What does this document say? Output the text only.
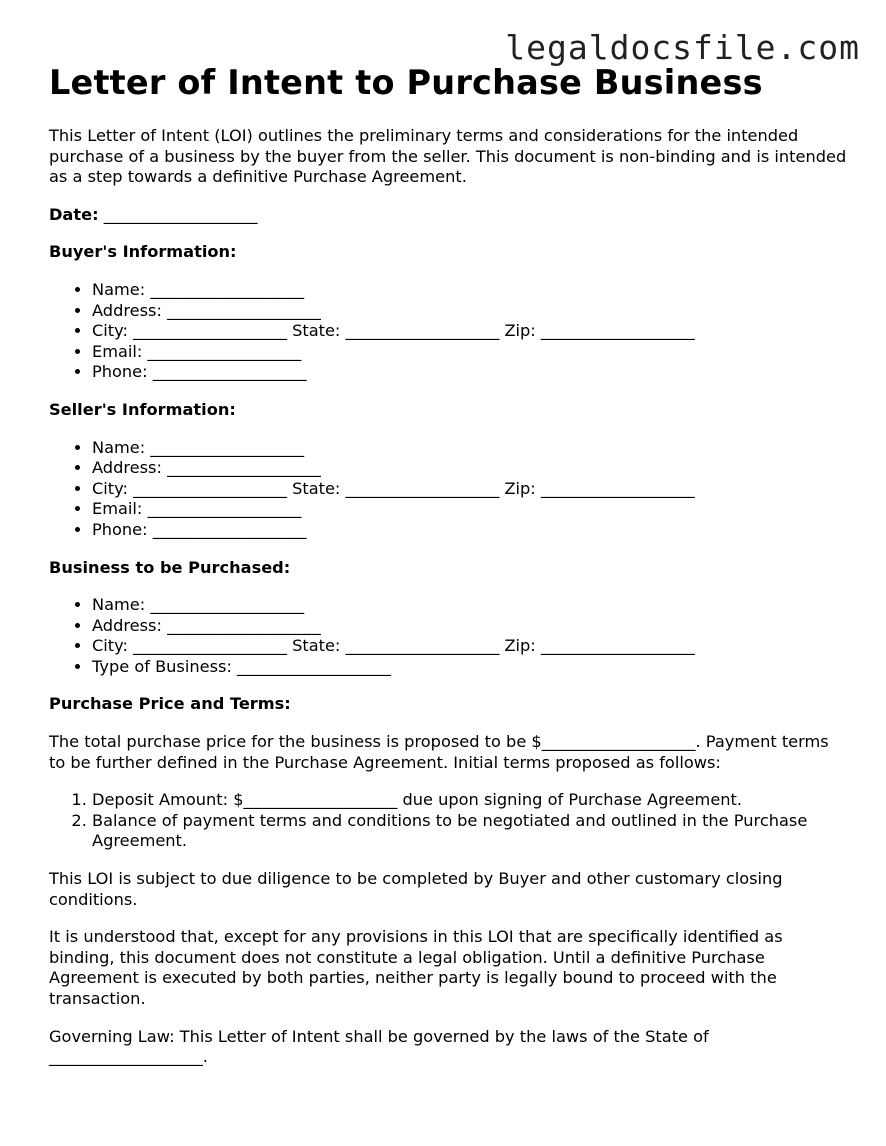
legaldocsfile.com
Letter of Intent to Purchase Business

This Letter of Intent (LOI) outlines the preliminary terms and considerations for the intended purchase of a business by the buyer from the seller. This document is non-binding and is intended as a step towards a definitive Purchase Agreement.

Date: ___________________

Buyer's Information:
• Name: ___________________
• Address: ___________________
• City: ___________________ State: ___________________ Zip: ___________________
• Email: ___________________
• Phone: ___________________
Seller's Information:
• Name: ___________________
• Address: ___________________
• City: ___________________ State: ___________________ Zip: ___________________
• Email: ___________________
• Phone: ___________________
Business to be Purchased:
• Name: ___________________
• Address: ___________________
• City: ___________________ State: ___________________ Zip: ___________________
• Type of Business: ___________________
Purchase Price and Terms:

The total purchase price for the business is proposed to be $___________________. Payment terms to be further defined in the Purchase Agreement. Initial terms proposed as follows:

1. Deposit Amount: $___________________ due upon signing of Purchase Agreement.
2. Balance of payment terms and conditions to be negotiated and outlined in the Purchase Agreement.

This LOI is subject to due diligence to be completed by Buyer and other customary closing conditions.

It is understood that, except for any provisions in this LOI that are specifically identified as binding, this document does not constitute a legal obligation. Until a definitive Purchase Agreement is executed by both parties, neither party is legally bound to proceed with the transaction.

Governing Law: This Letter of Intent shall be governed by the laws of the State of ___________________.
